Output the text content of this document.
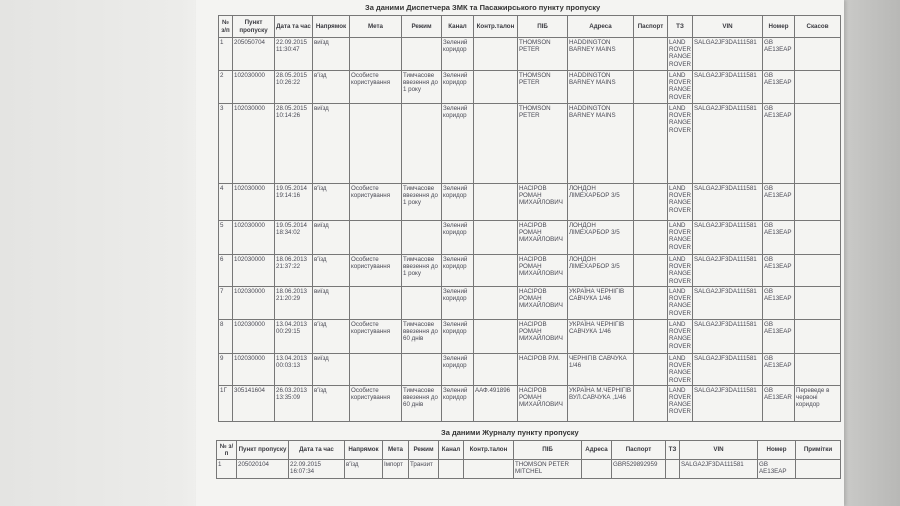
За даними Диспетчера ЗМК та Пасажирського пункту пропуску
№ з/п	Пункт пропуску	Дата та час	Напрямок	Мета	Режим	Канал	Контр.талон	ПІБ	Адреса	Паспорт	ТЗ	VIN	Номер	Скасов
1	205050704	22.09.2015 11:30:47	виїзд			Зелений коридор		THOMSON PETER	HADDINGTON BARNEY MAINS		LAND ROVER RANGE ROVER	SALGA2JF3DA111581	GB AE13EAP	
2	102030000	28.05.2015 10:26:22	в'їзд	Особисте користування	Тимчасове ввезення до 1 року	Зелений коридор		THOMSON PETER	HADDINGTON BARNEY MAINS		LAND ROVER RANGE ROVER	SALGA2JF3DA111581	GB AE13EAP	
3	102030000	28.05.2015 10:14:26	виїзд			Зелений коридор		THOMSON PETER	HADDINGTON BARNEY MAINS		LAND ROVER RANGE ROVER	SALGA2JF3DA111581	GB AE13EAP	
4	102030000	19.05.2014 19:14:16	в'їзд	Особисте користування	Тимчасове ввезення до 1 року	Зелений коридор		НАСІРОВ РОМАН МИХАЙЛОВИЧ	ЛОНДОН ЛІМЕХАРБОР 3/5		LAND ROVER RANGE ROVER	SALGA2JF3DA111581	GB AE13EAP	
5	102030000	19.05.2014 18:34:02	виїзд			Зелений коридор		НАСІРОВ РОМАН МИХАЙЛОВИЧ	ЛОНДОН ЛІМЕХАРБОР 3/5		LAND ROVER RANGE ROVER	SALGA2JF3DA111581	GB AE13EAP	
6	102030000	18.06.2013 21:37:22	в'їзд	Особисте користування	Тимчасове ввезення до 1 року	Зелений коридор		НАСІРОВ РОМАН МИХАЙЛОВИЧ	ЛОНДОН ЛІМЕХАРБОР 3/5		LAND ROVER RANGE ROVER	SALGA2JF3DA111581	GB AE13EAP	
7	102030000	18.06.2013 21:20:29	виїзд			Зелений коридор		НАСІРОВ РОМАН МИХАЙЛОВИЧ	УКРАЇНА ЧЕРНІГІВ САВЧУКА 1/46		LAND ROVER RANGE ROVER	SALGA2JF3DA111581	GB AE13EAP	
8	102030000	13.04.2013 00:29:15	в'їзд	Особисте користування	Тимчасове ввезення до 60 днів	Зелений коридор		НАСІРОВ РОМАН МИХАЙЛОВИЧ	УКРАЇНА ЧЕРНІГІВ САВЧУКА 1/46		LAND ROVER RANGE ROVER	SALGA2JF3DA111581	GB AE13EAP	
9	102030000	13.04.2013 00:03:13	виїзд			Зелений коридор		НАСІРОВ Р.М.	ЧЕРНІГІВ САВЧУКА 1/46		LAND ROVER RANGE ROVER	SALGA2JF3DA111581	GB AE13EAP	
1Г	305141604	26.03.2013 13:35:09	в'їзд	Особисте користування	Тимчасове ввезення до 60 днів	Зелений коридор	ААФ.491896	НАСІРОВ РОМАН МИХАЙЛОВИЧ	УКРАЇНА М.ЧЕРНІГІВ ВУЛ.САВЧУКА ,1/46		LAND ROVER RANGE ROVER	SALGA2JF3DA111581	GB AE13EAR	Переведе в червоні коридор
За даними Журналу пункту пропуску
№ з/п	Пункт пропуску	Дата та час	Напрямок	Мета	Режим	Канал	Контр.талон	ПІБ	Адреса	Паспорт	ТЗ	VIN	Номер	Примітки
1	205020104	22.09.2015 16:07:34	в'їзд	Імпорт	Транзит			THOMSON PETER MITCHEL		GBR529892959		SALGA2JF3DA111581	GB AE13EAP	
